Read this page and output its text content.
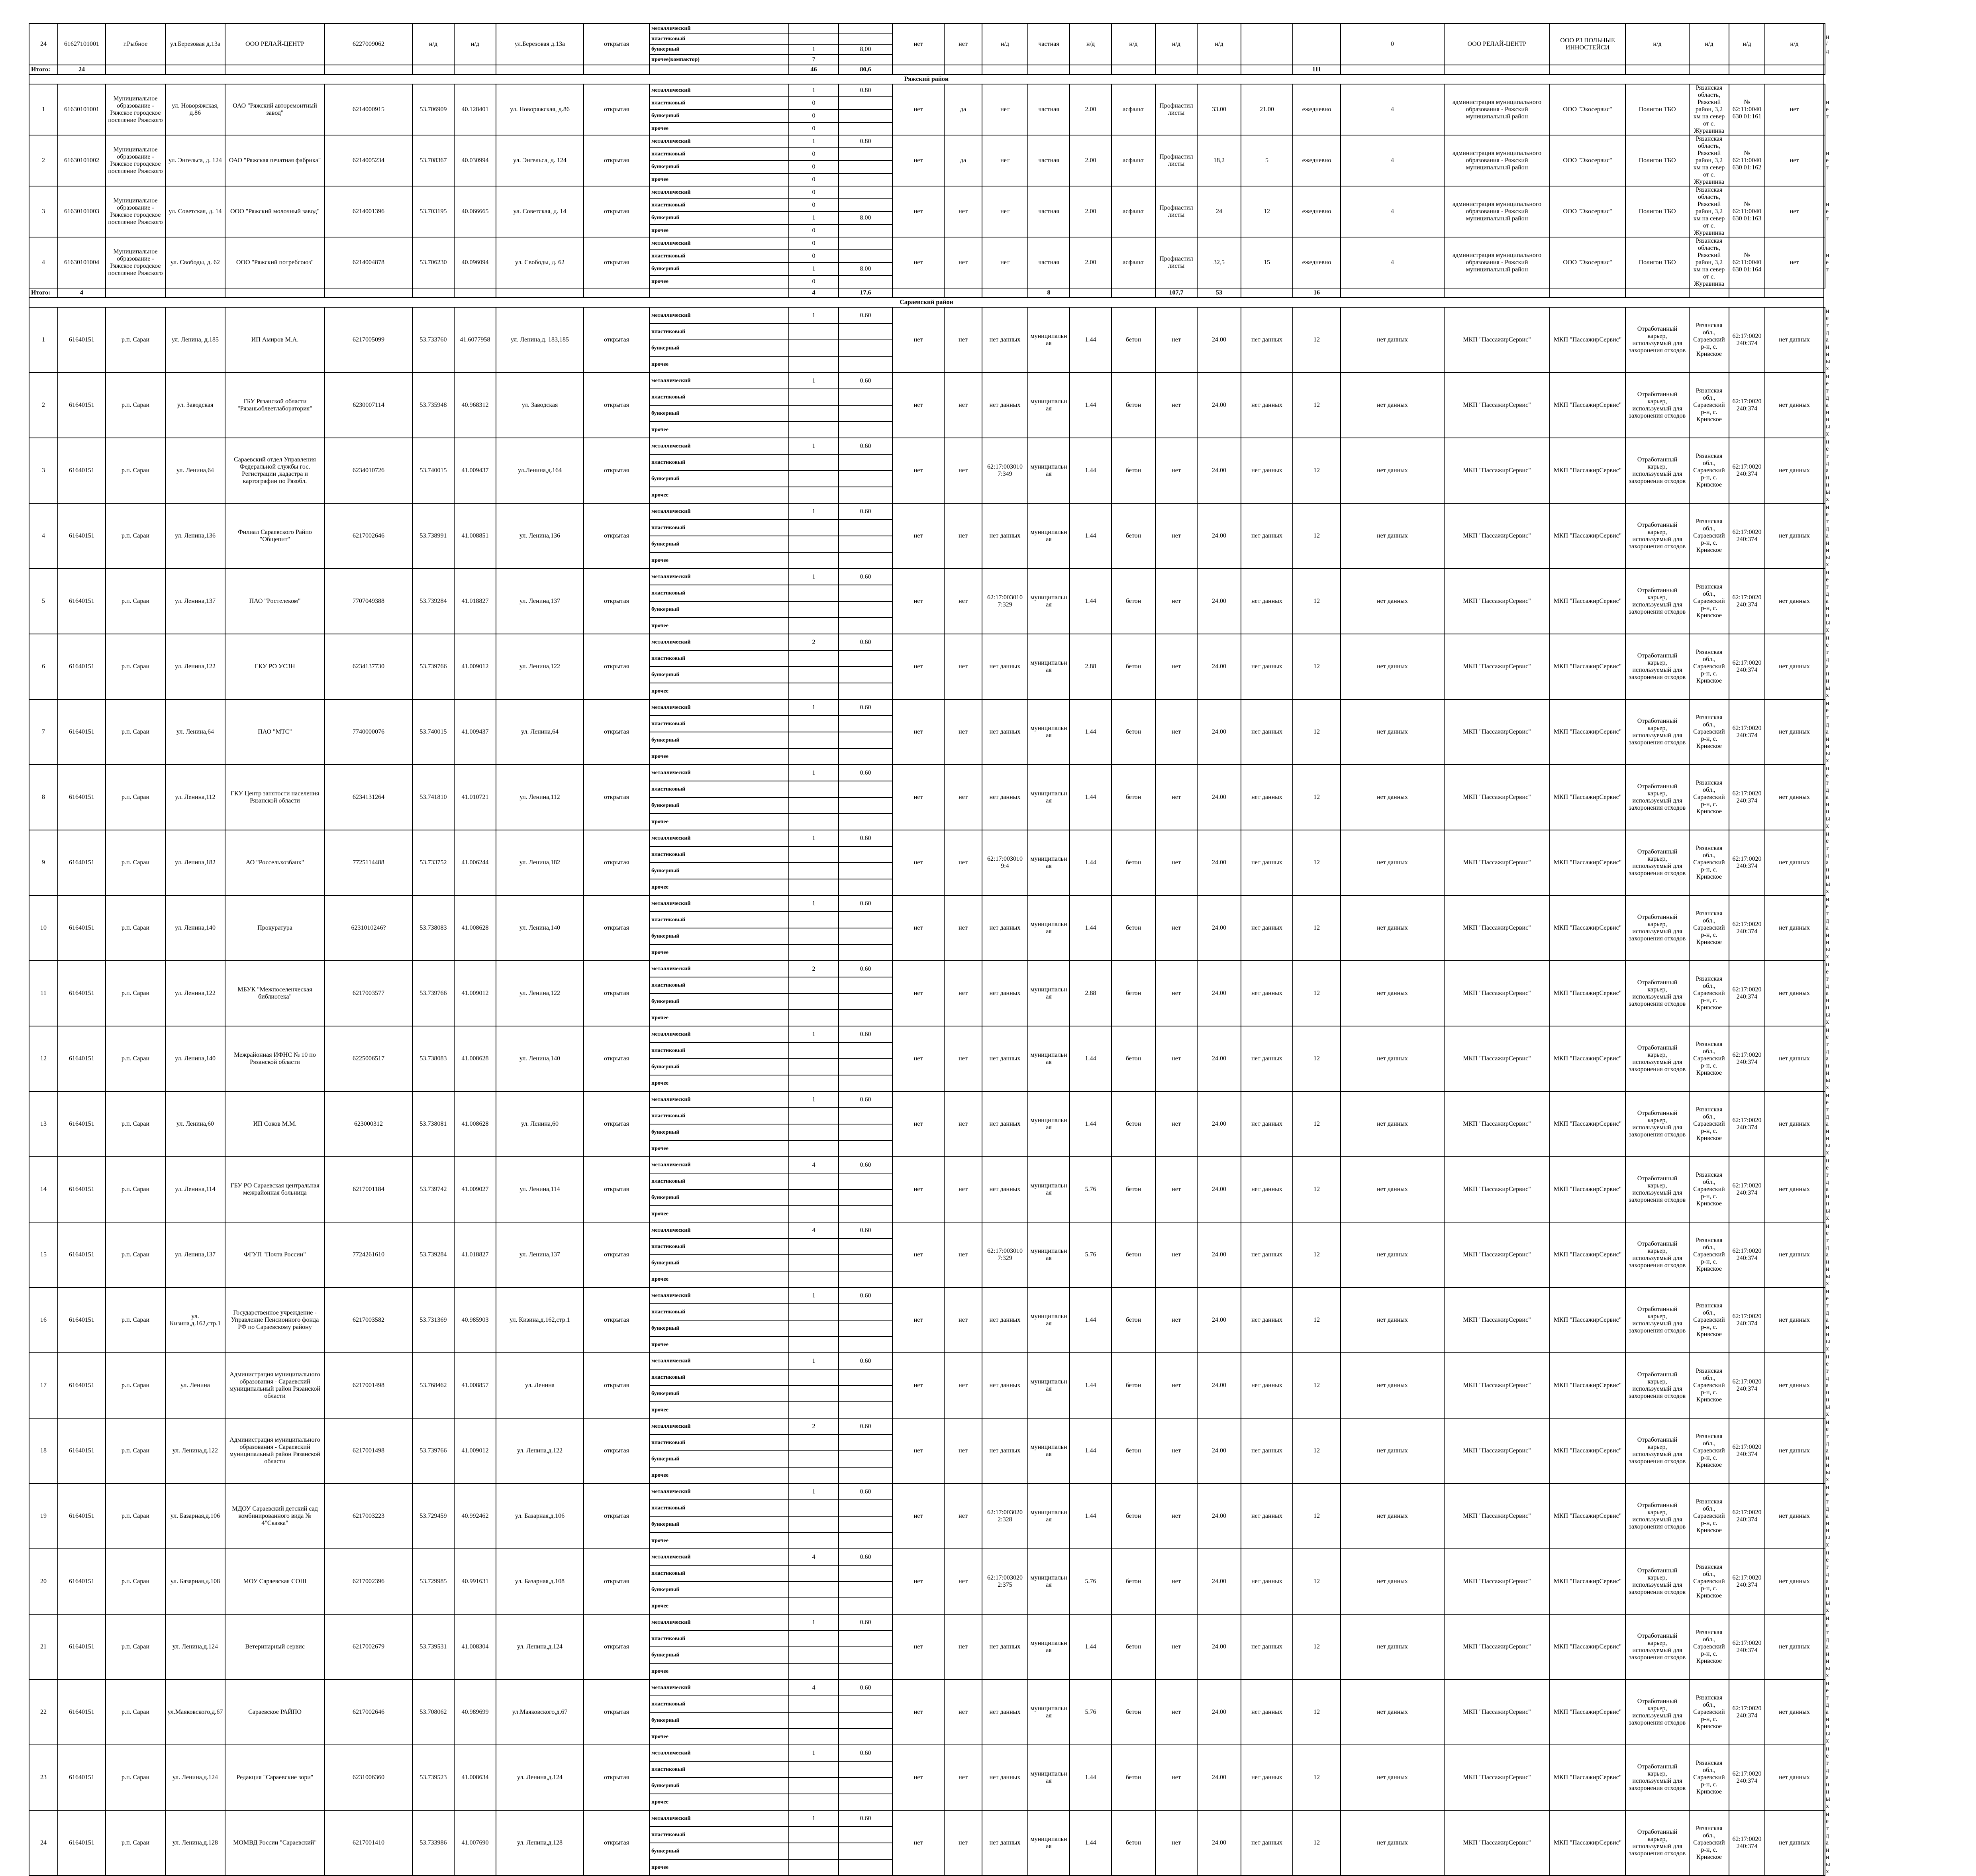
24	61627101001	г.Рыбное	ул.Березовая д.13а	ООО РЕЛАЙ-ЦЕНТР	6227009062	н/д	н/д	ул.Березовая д.13а	открытая	металлический			нет	нет	н/д	частная	н/д	н/д	н/д	н/д			0	ООО РЕЛАЙ-ЦЕНТР	ООО РЗ ПОЛЬНЫЕ ИННОСТЕЙСИ	н/д	н/д	н/д	н/д	н/д
										пластиковый																				
										бункерный	1	8,00																		
										прочее(компактор)	7																			
Итого:	24										46	80,6										111								
Ряжский район																														
1	61630101001	Муниципальное образование - Ряжское городское поселение Ряжского	ул. Новоряжская, д.86	ОАО "Ряжский авторемонтный завод"	6214000915	53.706909	40.128401	ул. Новоряжская, д.86	открытая	металлический	1	0.80	нет	да	нет	частная	2.00	асфальт	Профнастил листы	33.00	21.00	ежедневно	4	администрация муниципального образования - Ряжский муниципальный район	ООО "Экосервис"	Полигон ТБО	Рязанская область, Ряжский район, 3,2 км на север от с. Журавинка	№ 62:11:0040630 01:161	нет	нет
										пластиковый	0																			
										бункерный	0																			
										прочее	0																			
2	61630101002	Муниципальное образование - Ряжское городское поселение Ряжского	ул. Энгельса, д. 124	ОАО "Ряжская печатная фабрика"	6214005234	53.708367	40.030994	ул. Энгельса, д. 124	открытая	металлический	1	0.80	нет	да	нет	частная	2.00	асфальт	Профнастил листы	18,2	5	ежедневно	4	администрация муниципального образования - Ряжский муниципальный район	ООО "Экосервис"	Полигон ТБО	Рязанская область, Ряжский район, 3,2 км на север от с. Журавинка	№ 62:11:0040630 01:162	нет	нет
										пластиковый	0																			
										бункерный	0																			
										прочее	0																			
3	61630101003	Муниципальное образование - Ряжское городское поселение Ряжского	ул. Советская, д. 14	ООО "Ряжский молочный завод"	6214001396	53.703195	40.066665	ул. Советская, д. 14	открытая	металлический	0		нет	нет	нет	частная	2.00	асфальт	Профнастил листы	24	12	ежедневно	4	администрация муниципального образования - Ряжский муниципальный район	ООО "Экосервис"	Полигон ТБО	Рязанская область, Ряжский район, 3,2 км на север от с. Журавинка	№ 62:11:0040630 01:163	нет	нет
										пластиковый	0																			
										бункерный	1	8.00																		
										прочее	0																			
4	61630101004	Муниципальное образование - Ряжское городское поселение Ряжского	ул. Свободы, д. 62	ООО "Ряжский потребсоюз"	6214004878	53.706230	40.096094	ул. Свободы, д. 62	открытая	металлический	0		нет	нет	нет	частная	2.00	асфальт	Профнастил листы	32,5	15	ежедневно	4	администрация муниципального образования - Ряжский муниципальный район	ООО "Экосервис"	Полигон ТБО	Рязанская область, Ряжский район, 3,2 км на север от с. Журавинка	№ 62:11:0040630 01:164	нет	нет
										пластиковый	0																			
										бункерный	1	8.00																		
										прочее	0																			
Итого:	4										4	17,6				8			107,7	53		16								
Сараевский район																														
1	61640151	р.п. Сараи	ул. Ленина, д.185	ИП Амиров М.А.	6217005099	53.733760	41.6077958	ул. Ленина,д. 183,185	открытая	металлический	1	0.60	нет	нет	нет данных	муниципальная	1.44	бетон	нет	24.00	нет данных	12	нет данных	МКП "ПассажирСервис"	МКП "ПассажирСервис"	Отработанный карьер, используемый для захоронения отходов	Рязанская обл., Сараевский р-н, с. Кривское	62:17:0020 240:374	нет данных	нет данных
										пластиковый																				
										бункерный																				
										прочее																				
2	61640151	р.п. Сараи	ул. Заводская	ГБУ Рязанской области "Рязаньоблветлаборатория"	6230007114	53.735948	40.968312	ул. Заводская	открытая	металлический	1	0.60	нет	нет	нет данных	муниципальная	1.44	бетон	нет	24.00	нет данных	12	нет данных	МКП "ПассажирСервис"	МКП "ПассажирСервис"	Отработанный карьер, используемый для захоронения отходов	Рязанская обл., Сараевский р-н, с. Кривское	62:17:0020 240:374	нет данных	нет данных
										пластиковый																				
										бункерный																				
										прочее																				
3	61640151	р.п. Сараи	ул. Ленина,64	Сараевский отдел Управления Федеральной службы гос. Регистрации ,кадастра и картографии по Рязобл.	6234010726	53.740015	41.009437	ул.Ленина,д.164	открытая	металлический	1	0.60	нет	нет	62:17:003010 7:349	муниципальная	1.44	бетон	нет	24.00	нет данных	12	нет данных	МКП "ПассажирСервис"	МКП "ПассажирСервис"	Отработанный карьер, используемый для захоронения отходов	Рязанская обл., Сараевский р-н, с. Кривское	62:17:0020 240:374	нет данных	нет данных
										пластиковый																				
										бункерный																				
										прочее																				
4	61640151	р.п. Сараи	ул. Ленина,136	Филиал Сараевского Райпо "Общепит"	6217002646	53.738991	41.008851	ул. Ленина,136	открытая	металлический	1	0.60	нет	нет	нет данных	муниципальная	1.44	бетон	нет	24.00	нет данных	12	нет данных	МКП "ПассажирСервис"	МКП "ПассажирСервис"	Отработанный карьер, используемый для захоронения отходов	Рязанская обл., Сараевский р-н, с. Кривское	62:17:0020 240:374	нет данных	нет данных
										пластиковый																				
										бункерный																				
										прочее																				
5	61640151	р.п. Сараи	ул. Ленина,137	ПАО "Ростелеком"	7707049388	53.739284	41.018827	ул. Ленина,137	открытая	металлический	1	0.60	нет	нет	62:17:003010 7:329	муниципальная	1.44	бетон	нет	24.00	нет данных	12	нет данных	МКП "ПассажирСервис"	МКП "ПассажирСервис"	Отработанный карьер, используемый для захоронения отходов	Рязанская обл., Сараевский р-н, с. Кривское	62:17:0020 240:374	нет данных	нет данных
										пластиковый																				
										бункерный																				
										прочее																				
6	61640151	р.п. Сараи	ул. Ленина,122	ГКУ РО УСЗН	6234137730	53.739766	41.009012	ул. Ленина,122	открытая	металлический	2	0.60	нет	нет	нет данных	муниципальная	2.88	бетон	нет	24.00	нет данных	12	нет данных	МКП "ПассажирСервис"	МКП "ПассажирСервис"	Отработанный карьер, используемый для захоронения отходов	Рязанская обл., Сараевский р-н, с. Кривское	62:17:0020 240:374	нет данных	нет данных
										пластиковый																				
										бункерный																				
										прочее																				
7	61640151	р.п. Сараи	ул. Ленина,64	ПАО "МТС"	7740000076	53.740015	41.009437	ул. Ленина,64	открытая	металлический	1	0.60	нет	нет	нет данных	муниципальная	1.44	бетон	нет	24.00	нет данных	12	нет данных	МКП "ПассажирСервис"	МКП "ПассажирСервис"	Отработанный карьер, используемый для захоронения отходов	Рязанская обл., Сараевский р-н, с. Кривское	62:17:0020 240:374	нет данных	нет данных
										пластиковый																				
										бункерный																				
										прочее																				
8	61640151	р.п. Сараи	ул. Ленина,112	ГКУ Центр занятости населения Рязанской области	6234131264	53.741810	41.010721	ул. Ленина,112	открытая	металлический	1	0.60	нет	нет	нет данных	муниципальная	1.44	бетон	нет	24.00	нет данных	12	нет данных	МКП "ПассажирСервис"	МКП "ПассажирСервис"	Отработанный карьер, используемый для захоронения отходов	Рязанская обл., Сараевский р-н, с. Кривское	62:17:0020 240:374	нет данных	нет данных
										пластиковый																				
										бункерный																				
										прочее																				
9	61640151	р.п. Сараи	ул. Ленина,182	АО "Россельхозбанк"	7725114488	53.733752	41.006244	ул. Ленина,182	открытая	металлический	1	0.60	нет	нет	62:17:003010 9:4	муниципальная	1.44	бетон	нет	24.00	нет данных	12	нет данных	МКП "ПассажирСервис"	МКП "ПассажирСервис"	Отработанный карьер, используемый для захоронения отходов	Рязанская обл., Сараевский р-н, с. Кривское	62:17:0020 240:374	нет данных	нет данных
										пластиковый																				
										бункерный																				
										прочее																				
10	61640151	р.п. Сараи	ул. Ленина,140	Прокуратура	6231010246?	53.738083	41.008628	ул. Ленина,140	открытая	металлический	1	0.60	нет	нет	нет данных	муниципальная	1.44	бетон	нет	24.00	нет данных	12	нет данных	МКП "ПассажирСервис"	МКП "ПассажирСервис"	Отработанный карьер, используемый для захоронения отходов	Рязанская обл., Сараевский р-н, с. Кривское	62:17:0020 240:374	нет данных	нет данных
										пластиковый																				
										бункерный																				
										прочее																				
11	61640151	р.п. Сараи	ул. Ленина,122	МБУК "Межпоселенческая библиотека"	6217003577	53.739766	41.009012	ул. Ленина,122	открытая	металлический	2	0.60	нет	нет	нет данных	муниципальная	2.88	бетон	нет	24.00	нет данных	12	нет данных	МКП "ПассажирСервис"	МКП "ПассажирСервис"	Отработанный карьер, используемый для захоронения отходов	Рязанская обл., Сараевский р-н, с. Кривское	62:17:0020 240:374	нет данных	нет данных
										пластиковый																				
										бункерный																				
										прочее																				
12	61640151	р.п. Сараи	ул. Ленина,140	Межрайонная ИФНС № 10 по Рязанской области	6225006517	53.738083	41.008628	ул. Ленина,140	открытая	металлический	1	0.60	нет	нет	нет данных	муниципальная	1.44	бетон	нет	24.00	нет данных	12	нет данных	МКП "ПассажирСервис"	МКП "ПассажирСервис"	Отработанный карьер, используемый для захоронения отходов	Рязанская обл., Сараевский р-н, с. Кривское	62:17:0020 240:374	нет данных	нет данных
										пластиковый																				
										бункерный																				
										прочее																				
13	61640151	р.п. Сараи	ул. Ленина,60	ИП Соков М.М.	623000312	53.738081	41.008628	ул. Ленина,60	открытая	металлический	1	0.60	нет	нет	нет данных	муниципальная	1.44	бетон	нет	24.00	нет данных	12	нет данных	МКП "ПассажирСервис"	МКП "ПассажирСервис"	Отработанный карьер, используемый для захоронения отходов	Рязанская обл., Сараевский р-н, с. Кривское	62:17:0020 240:374	нет данных	нет данных
										пластиковый																				
										бункерный																				
										прочее																				
14	61640151	р.п. Сараи	ул. Ленина,114	ГБУ РО Сараевская центральная межрайонная больница	6217001184	53.739742	41.009027	ул. Ленина,114	открытая	металлический	4	0.60	нет	нет	нет данных	муниципальная	5.76	бетон	нет	24.00	нет данных	12	нет данных	МКП "ПассажирСервис"	МКП "ПассажирСервис"	Отработанный карьер, используемый для захоронения отходов	Рязанская обл., Сараевский р-н, с. Кривское	62:17:0020 240:374	нет данных	нет данных
										пластиковый																				
										бункерный																				
										прочее																				
15	61640151	р.п. Сараи	ул. Ленина,137	ФГУП "Почта России"	7724261610	53.739284	41.018827	ул. Ленина,137	открытая	металлический	4	0.60	нет	нет	62:17:003010 7:329	муниципальная	5.76	бетон	нет	24.00	нет данных	12	нет данных	МКП "ПассажирСервис"	МКП "ПассажирСервис"	Отработанный карьер, используемый для захоронения отходов	Рязанская обл., Сараевский р-н, с. Кривское	62:17:0020 240:374	нет данных	нет данных
										пластиковый																				
										бункерный																				
										прочее																				
16	61640151	р.п. Сараи	ул. Кизина,д.162,стр.1	Государственное учреждение - Управление Пенсионного фонда РФ по Сараевскому району	6217003582	53.731369	40.985903	ул. Кизина,д.162,стр.1	открытая	металлический	1	0.60	нет	нет	нет данных	муниципальная	1.44	бетон	нет	24.00	нет данных	12	нет данных	МКП "ПассажирСервис"	МКП "ПассажирСервис"	Отработанный карьер, используемый для захоронения отходов	Рязанская обл., Сараевский р-н, с. Кривское	62:17:0020 240:374	нет данных	нет данных
										пластиковый																				
										бункерный																				
										прочее																				
17	61640151	р.п. Сараи	ул. Ленина	Администрация муниципального образования - Сараевский муниципальный район Рязанской области	6217001498	53.768462	41.008857	ул. Ленина	открытая	металлический	1	0.60	нет	нет	нет данных	муниципальная	1.44	бетон	нет	24.00	нет данных	12	нет данных	МКП "ПассажирСервис"	МКП "ПассажирСервис"	Отработанный карьер, используемый для захоронения отходов	Рязанская обл., Сараевский р-н, с. Кривское	62:17:0020 240:374	нет данных	нет данных
										пластиковый																				
										бункерный																				
										прочее																				
18	61640151	р.п. Сараи	ул. Ленина,д.122	Администрация муниципального образования - Сараевский муниципальный район Рязанской области	6217001498	53.739766	41.009012	ул. Ленина,д.122	открытая	металлический	2	0.60	нет	нет	нет данных	муниципальная	1.44	бетон	нет	24.00	нет данных	12	нет данных	МКП "ПассажирСервис"	МКП "ПассажирСервис"	Отработанный карьер, используемый для захоронения отходов	Рязанская обл., Сараевский р-н, с. Кривское	62:17:0020 240:374	нет данных	нет данных
										пластиковый																				
										бункерный																				
										прочее																				
19	61640151	р.п. Сараи	ул. Базарная,д.106	МДОУ Сараевский детский сад комбинированного вида № 4"Сказка"	6217003223	53.729459	40.992462	ул. Базарная,д.106	открытая	металлический	1	0.60	нет	нет	62:17:003020 2:328	муниципальная	1.44	бетон	нет	24.00	нет данных	12	нет данных	МКП "ПассажирСервис"	МКП "ПассажирСервис"	Отработанный карьер, используемый для захоронения отходов	Рязанская обл., Сараевский р-н, с. Кривское	62:17:0020 240:374	нет данных	нет данных
										пластиковый																				
										бункерный																				
										прочее																				
20	61640151	р.п. Сараи	ул. Базарная,д.108	МОУ Сараевская СОШ	6217002396	53.729985	40.991631	ул. Базарная,д.108	открытая	металлический	4	0.60	нет	нет	62:17:003020 2:375	муниципальная	5.76	бетон	нет	24.00	нет данных	12	нет данных	МКП "ПассажирСервис"	МКП "ПассажирСервис"	Отработанный карьер, используемый для захоронения отходов	Рязанская обл., Сараевский р-н, с. Кривское	62:17:0020 240:374	нет данных	нет данных
										пластиковый																				
										бункерный																				
										прочее																				
21	61640151	р.п. Сараи	ул. Ленина,д.124	Ветеринарный сервис	6217002679	53.739531	41.008304	ул. Ленина,д.124	открытая	металлический	1	0.60	нет	нет	нет данных	муниципальная	1.44	бетон	нет	24.00	нет данных	12	нет данных	МКП "ПассажирСервис"	МКП "ПассажирСервис"	Отработанный карьер, используемый для захоронения отходов	Рязанская обл., Сараевский р-н, с. Кривское	62:17:0020 240:374	нет данных	нет данных
										пластиковый																				
										бункерный																				
										прочее																				
22	61640151	р.п. Сараи	ул.Маяковского,д.67	Сараевское РАЙПО	6217002646	53.708062	40.989699	ул.Маяковского,д.67	открытая	металлический	4	0.60	нет	нет	нет данных	муниципальная	5.76	бетон	нет	24.00	нет данных	12	нет данных	МКП "ПассажирСервис"	МКП "ПассажирСервис"	Отработанный карьер, используемый для захоронения отходов	Рязанская обл., Сараевский р-н, с. Кривское	62:17:0020 240:374	нет данных	нет данных
										пластиковый																				
										бункерный																				
										прочее																				
23	61640151	р.п. Сараи	ул. Ленина,д.124	Редакция "Сараевские зори"	6231006360	53.739523	41.008634	ул. Ленина,д.124	открытая	металлический	1	0.60	нет	нет	нет данных	муниципальная	1.44	бетон	нет	24.00	нет данных	12	нет данных	МКП "ПассажирСервис"	МКП "ПассажирСервис"	Отработанный карьер, используемый для захоронения отходов	Рязанская обл., Сараевский р-н, с. Кривское	62:17:0020 240:374	нет данных	нет данных
										пластиковый																				
										бункерный																				
										прочее																				
24	61640151	р.п. Сараи	ул. Ленина,д.128	МОМВД России "Сараевский"	6217001410	53.733986	41.007690	ул. Ленина,д.128	открытая	металлический	1	0.60	нет	нет	нет данных	муниципальная	1.44	бетон	нет	24.00	нет данных	12	нет данных	МКП "ПассажирСервис"	МКП "ПассажирСервис"	Отработанный карьер, используемый для захоронения отходов	Рязанская обл., Сараевский р-н, с. Кривское	62:17:0020 240:374	нет данных	нет данных
										пластиковый																				
										бункерный																				
										прочее																				
